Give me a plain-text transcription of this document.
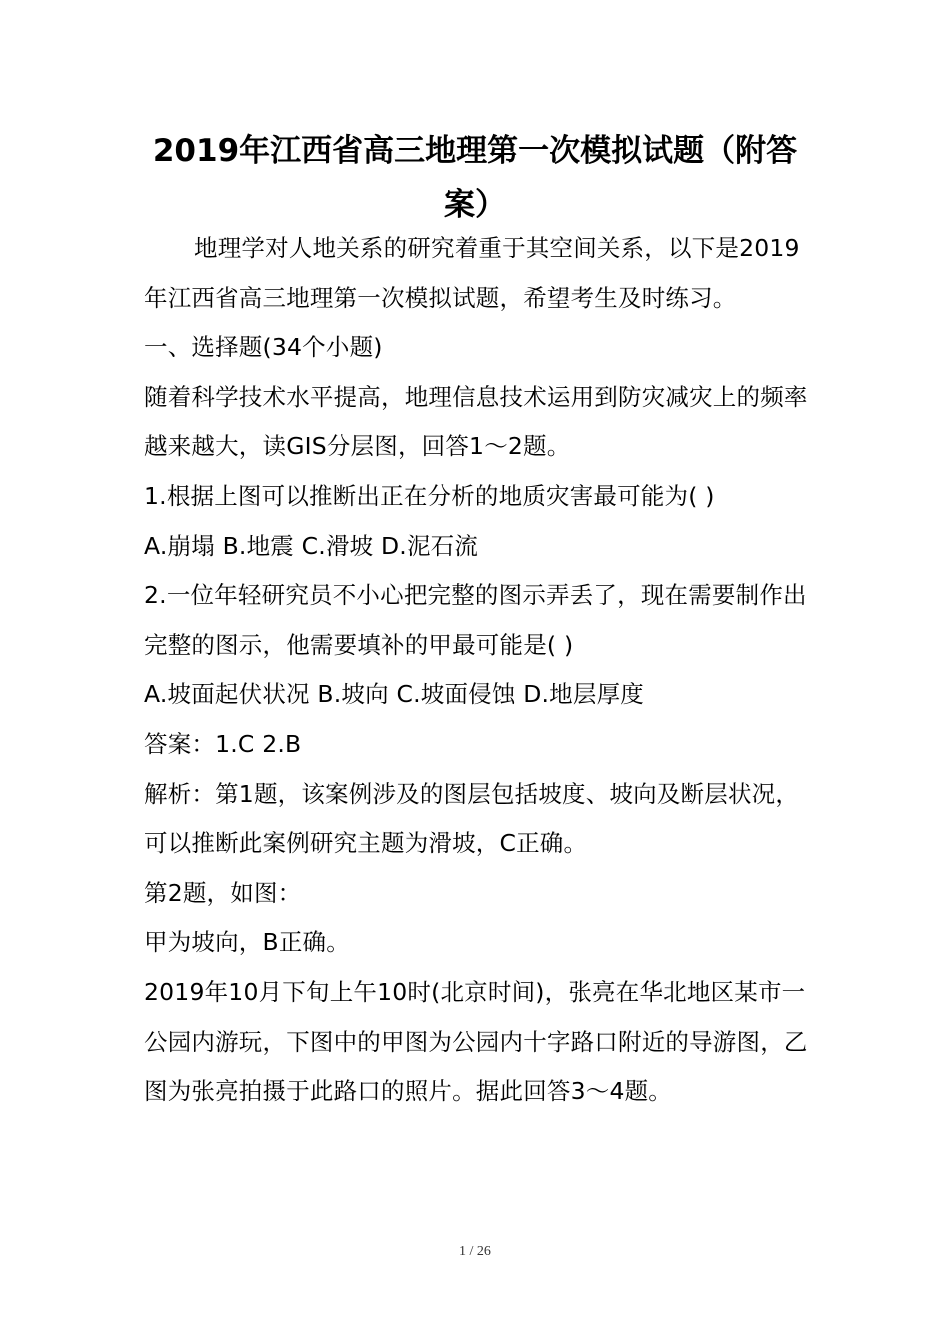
2019年江西省高三地理第一次模拟试题（附答案）

地理学对人地关系的研究着重于其空间关系，以下是2019年江西省高三地理第一次模拟试题，希望考生及时练习。

一、选择题(34个小题)

随着科学技术水平提高，地理信息技术运用到防灾减灾上的频率越来越大，读GIS分层图，回答1～2题。

1.根据上图可以推断出正在分析的地质灾害最可能为( )

A.崩塌 B.地震 C.滑坡 D.泥石流

2.一位年轻研究员不小心把完整的图示弄丢了，现在需要制作出完整的图示，他需要填补的甲最可能是( )

A.坡面起伏状况 B.坡向 C.坡面侵蚀 D.地层厚度

答案：1.C 2.B

解析：第1题，该案例涉及的图层包括坡度、坡向及断层状况，可以推断此案例研究主题为滑坡，C正确。

第2题，如图：

甲为坡向，B正确。

2019年10月下旬上午10时(北京时间)，张亮在华北地区某市一公园内游玩，下图中的甲图为公园内十字路口附近的导游图，乙图为张亮拍摄于此路口的照片。据此回答3～4题。

1 / 26
